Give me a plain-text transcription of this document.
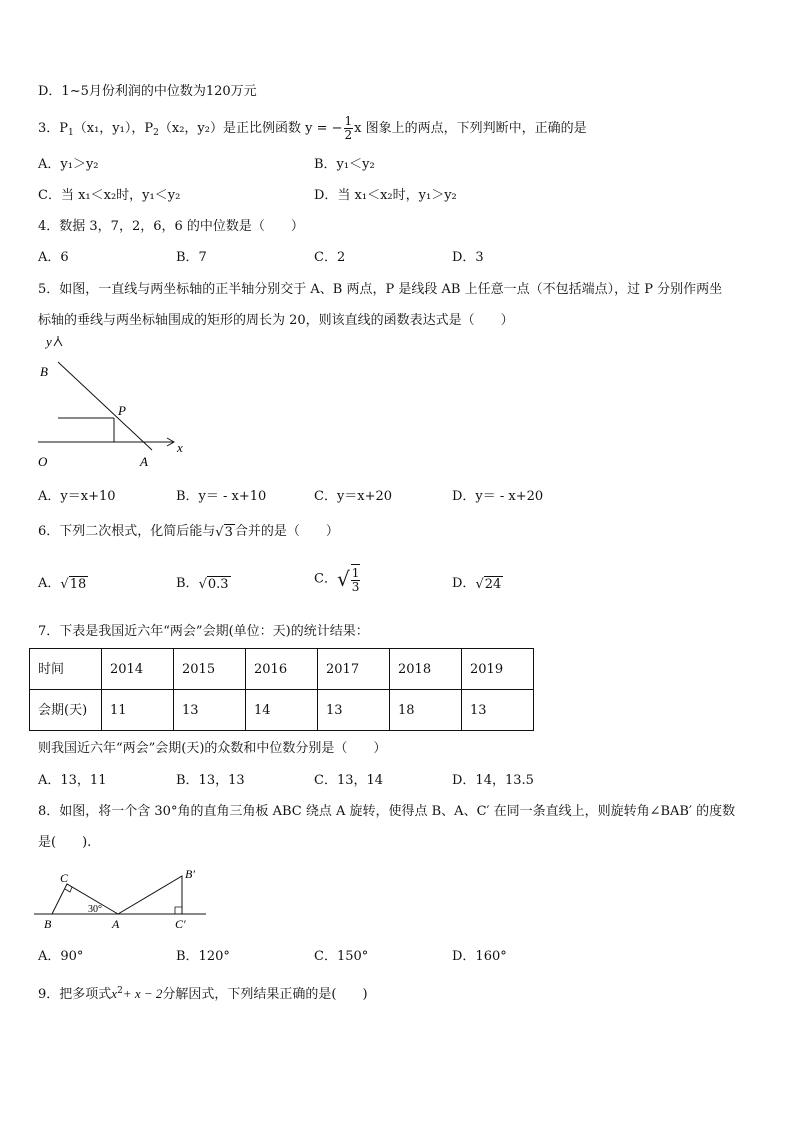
D．1~5月份利润的中位数为120万元
3．$P_1(x_1$，y₁），$P_2(x_2$，y₂）是正比例函数 y = − $\frac{1}{2}$ x 图象上的两点，下列判断中，正确的是
A．y₁＞y₂	B．y₁＜y₂
C．当 x₁＜x₂时，y₁＜y₂	D．当 x₁＜x₂时，y₁＞y₂
4．数据 3，7，2，6，6 的中位数是（　　）
A．6	B．7	C．2	D．3
5．如图，一直线与两坐标轴的正半轴分别交于 A、B 两点，P 是线段 AB 上任意一点（不包括端点），过 P 分别作两坐
标轴的垂线与两坐标轴围成的矩形的周长为 20，则该直线的函数表达式是（　　）
y
x
B
P
O	A
A．y＝x+10	B．y＝ - x+10	C．y＝x+20	D．y＝ - x+20
6．下列二次根式，化简后能与√3 合并的是（　　）
A．√18	B．√0.3	C．√ $\frac{1}{3}$	D．√24
7．下表是我国近六年“两会”会期(单位：天)的统计结果：
时间	2014	2015	2016	2017	2018	2019
会期(天)	11	13	14	13	18	13
则我国近六年“两会”会期(天)的众数和中位数分别是（　　）
A．13，11	B．13，13	C．13，14	D．14，13.5
8．如图，将一个含 30°角的直角三角板 ABC 绕点 A 旋转，使得点 B、A、C′ 在同一条直线上，则旋转角∠BAB′ 的度数
是(　　).
C
B
30°
A
B′
C′
A．90°	B．120°	C．150°	D．160°
9．把多项式$x^2+ x - 2$分解因式，下列结果正确的是(　　)
